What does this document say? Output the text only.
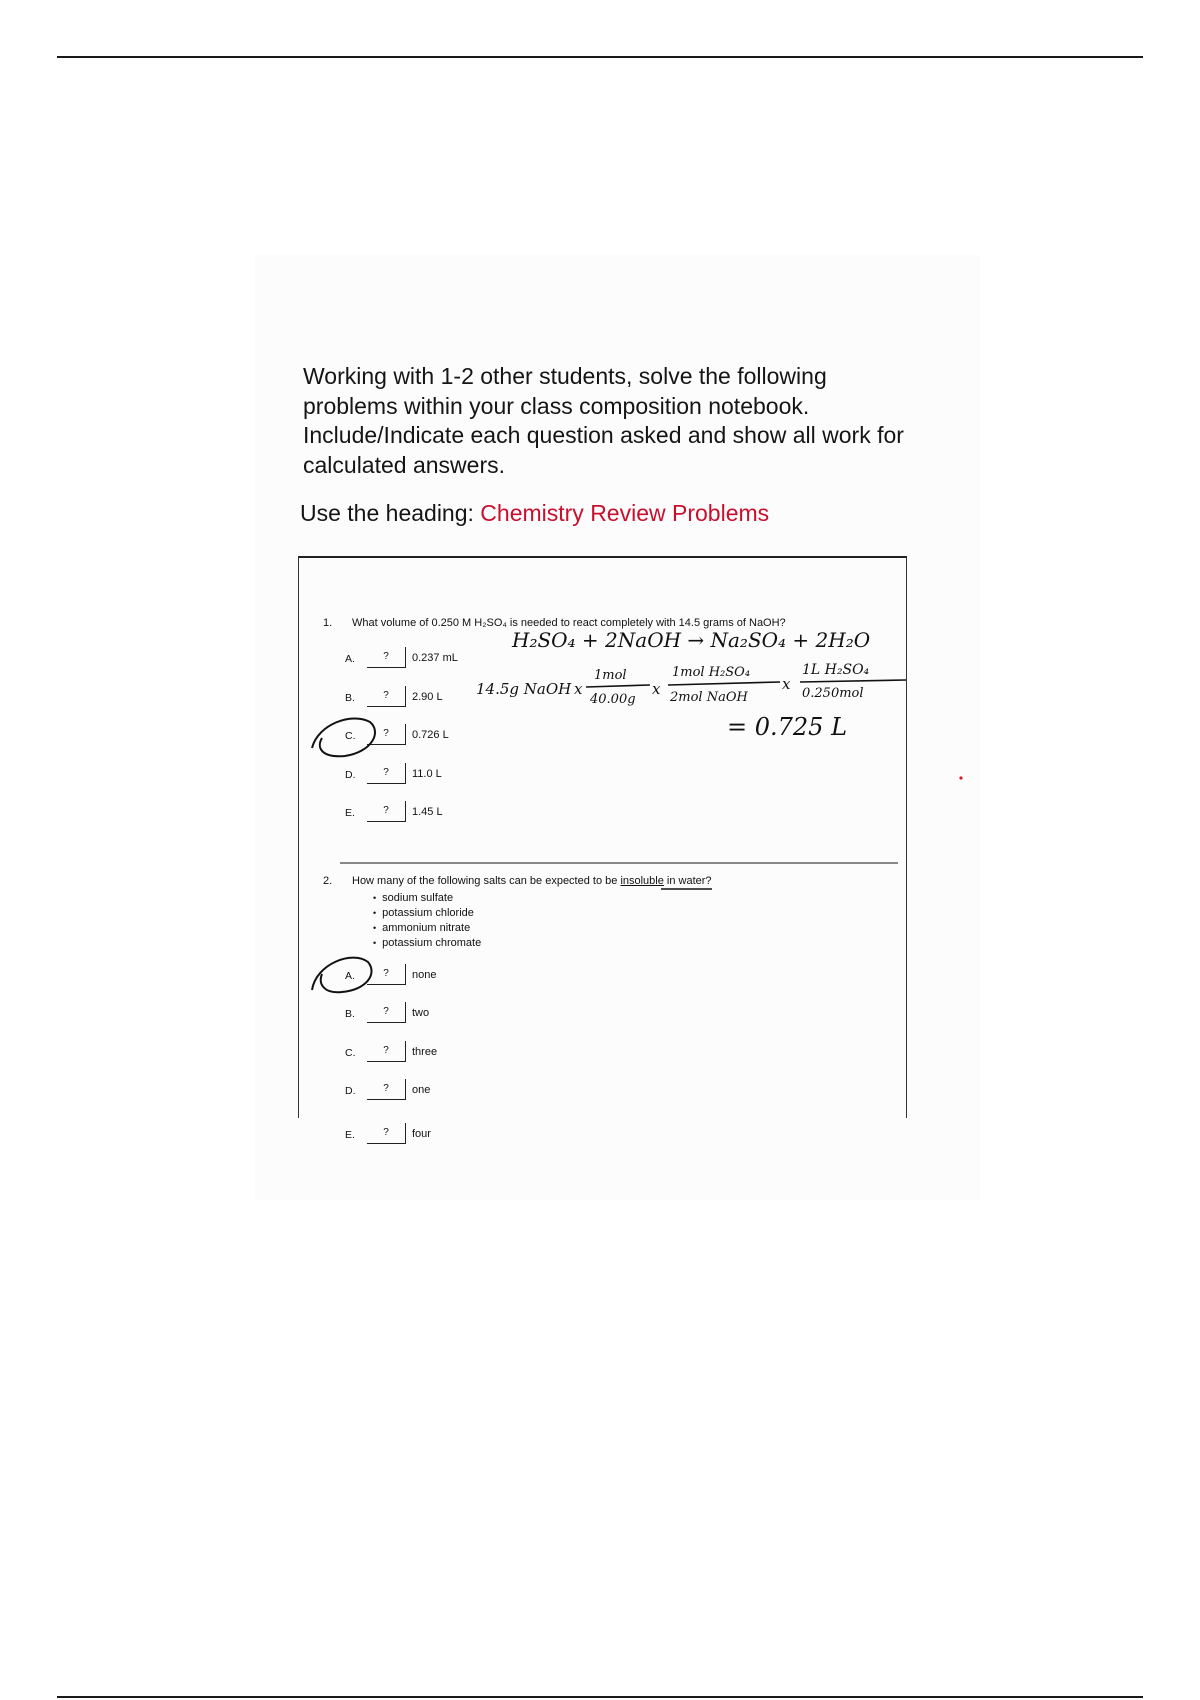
Working with 1-2 other students, solve the following problems within your class composition notebook. Include/Indicate each question asked and show all work for calculated answers.
Use the heading: Chemistry Review Problems
1. What volume of 0.250 M H₂SO₄ is needed to react completely with 14.5 grams of NaOH?
A.	?	0.237 mL
B.	?	2.90 L
C.	?	0.726 L
D.	?	11.0 L
E.	?	1.45 L
H₂SO₄ + 2NaOH → Na₂SO₄ + 2H₂O
14.5g NaOH x
1mol
40.00g
x
1mol H₂SO₄
2mol NaOH
x
1L H₂SO₄
0.250mol
= 0.725 L
2. How many of the following salts can be expected to be insoluble in water?
• sodium sulfate
• potassium chloride
• ammonium nitrate
• potassium chromate
A.	?	none
B.	?	two
C.	?	three
D.	?	one
E.	?	four
